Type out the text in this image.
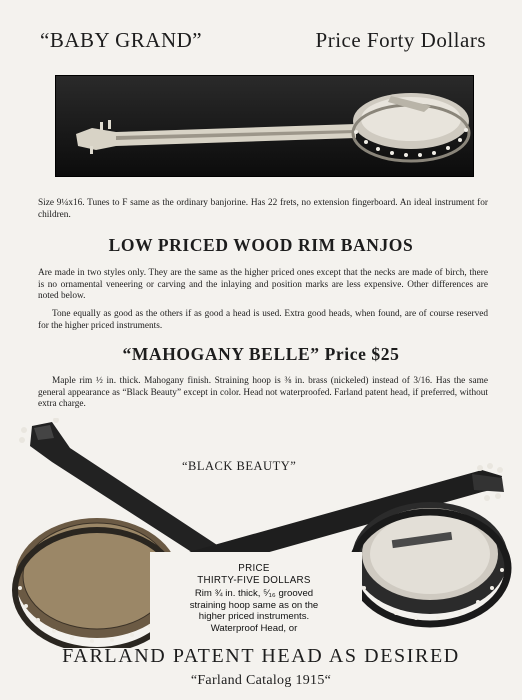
“BABY GRAND”	Price Forty Dollars

Size 9¼x16. Tunes to F same as the ordinary banjorine. Has 22 frets, no extension fingerboard. An ideal instrument for children.

LOW PRICED WOOD RIM BANJOS

Are made in two styles only. They are the same as the higher priced ones except that the necks are made of birch, there is no ornamental veneering or carving and the inlaying and position marks are less expensive. Other differences are noted below.

Tone equally as good as the others if as good a head is used. Extra good heads, when found, are of course reserved for the higher priced instruments.

“MAHOGANY BELLE” Price $25

Maple rim ½ in. thick. Mahogany finish. Straining hoop is ⅜ in. brass (nickeled) instead of 3/16. Has the same general appearance as “Black Beauty” except in color. Head not waterproofed. Farland patent head, if preferred, without extra charge.

“BLACK BEAUTY”
PRICE
THIRTY-FIVE DOLLARS
Rim ¾ in. thick, ⁵⁄₁₆ grooved
straining hoop same as on the
higher priced instruments.
Waterproof Head, or
FARLAND PATENT HEAD AS DESIRED
“Farland Catalog 1915“
